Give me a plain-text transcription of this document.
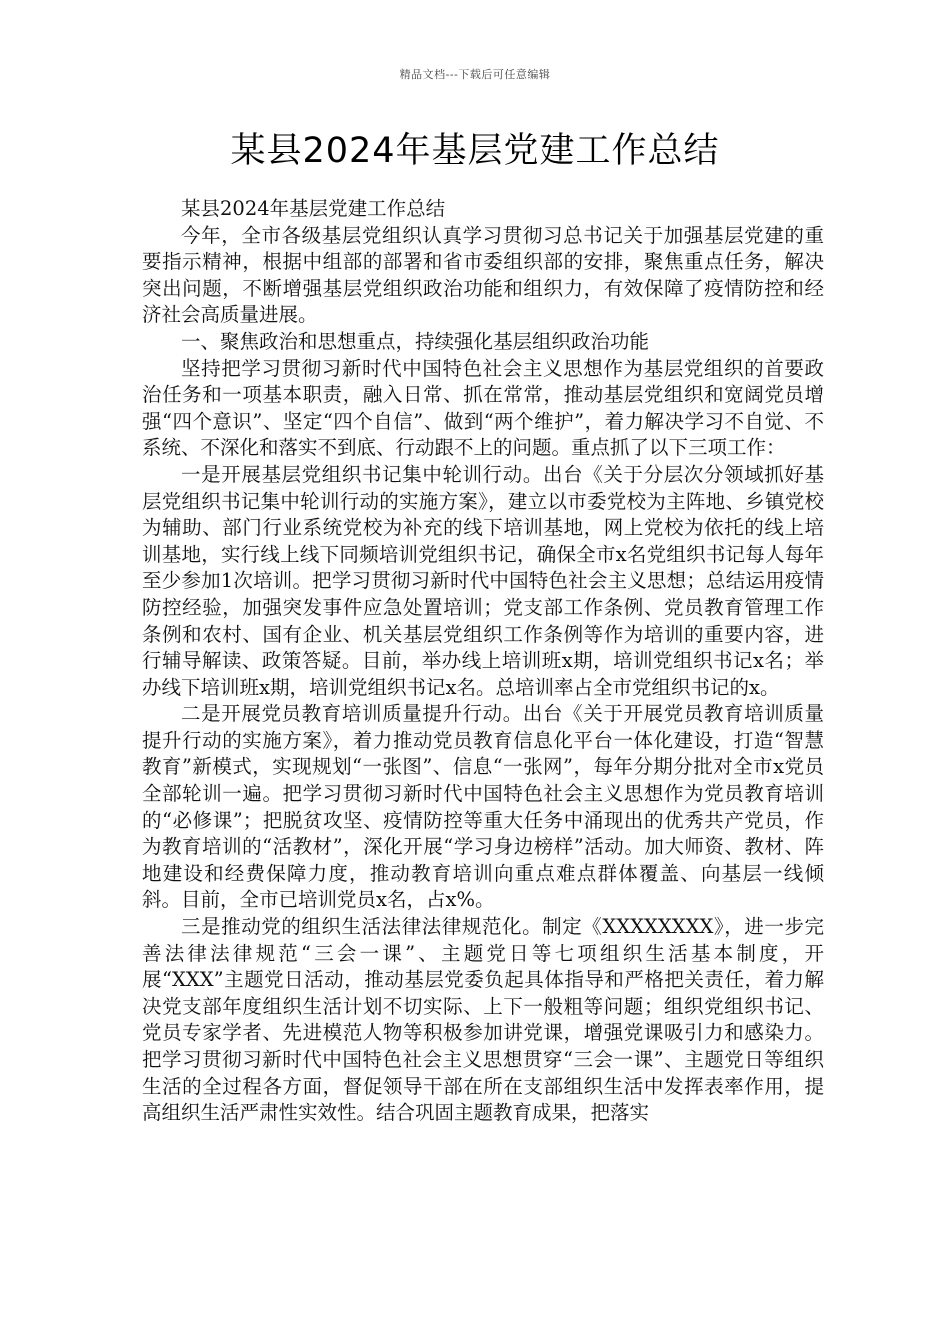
精品文档---下载后可任意编辑
某县2024年基层党建工作总结

某县2024年基层党建工作总结

今年，全市各级基层党组织认真学习贯彻习总书记关于加强基层党建的重要指示精神，根据中组部的部署和省市委组织部的安排，聚焦重点任务，解决突出问题，不断增强基层党组织政治功能和组织力，有效保障了疫情防控和经济社会高质量进展。

一、聚焦政治和思想重点，持续强化基层组织政治功能

坚持把学习贯彻习新时代中国特色社会主义思想作为基层党组织的首要政治任务和一项基本职责，融入日常、抓在常常，推动基层党组织和宽阔党员增强“四个意识”、坚定“四个自信”、做到“两个维护”，着力解决学习不自觉、不系统、不深化和落实不到底、行动跟不上的问题。重点抓了以下三项工作：

一是开展基层党组织书记集中轮训行动。出台《关于分层次分领域抓好基层党组织书记集中轮训行动的实施方案》，建立以市委党校为主阵地、乡镇党校为辅助、部门行业系统党校为补充的线下培训基地，网上党校为依托的线上培训基地，实行线上线下同频培训党组织书记，确保全市x名党组织书记每人每年至少参加1次培训。把学习贯彻习新时代中国特色社会主义思想；总结运用疫情防控经验，加强突发事件应急处置培训；党支部工作条例、党员教育管理工作条例和农村、国有企业、机关基层党组织工作条例等作为培训的重要内容，进行辅导解读、政策答疑。目前，举办线上培训班x期，培训党组织书记x名；举办线下培训班x期，培训党组织书记x名。总培训率占全市党组织书记的x。

二是开展党员教育培训质量提升行动。出台《关于开展党员教育培训质量提升行动的实施方案》，着力推动党员教育信息化平台一体化建设，打造“智慧教育”新模式，实现规划“一张图”、信息“一张网”，每年分期分批对全市x党员全部轮训一遍。把学习贯彻习新时代中国特色社会主义思想作为党员教育培训的“必修课”；把脱贫攻坚、疫情防控等重大任务中涌现出的优秀共产党员，作为教育培训的“活教材”，深化开展“学习身边榜样”活动。加大师资、教材、阵地建设和经费保障力度，推动教育培训向重点难点群体覆盖、向基层一线倾斜。目前，全市已培训党员x名，占x%。

三是推动党的组织生活法律法律规范化。制定《XXXXXXXX》，进一步完善法律法律规范“三会一课”、主题党日等七项组织生活基本制度，开展“XXX”主题党日活动，推动基层党委负起具体指导和严格把关责任，着力解决党支部年度组织生活计划不切实际、上下一般粗等问题；组织党组织书记、党员专家学者、先进模范人物等积极参加讲党课，增强党课吸引力和感染力。把学习贯彻习新时代中国特色社会主义思想贯穿“三会一课”、主题党日等组织生活的全过程各方面，督促领导干部在所在支部组织生活中发挥表率作用，提高组织生活严肃性实效性。结合巩固主题教育成果，把落实
